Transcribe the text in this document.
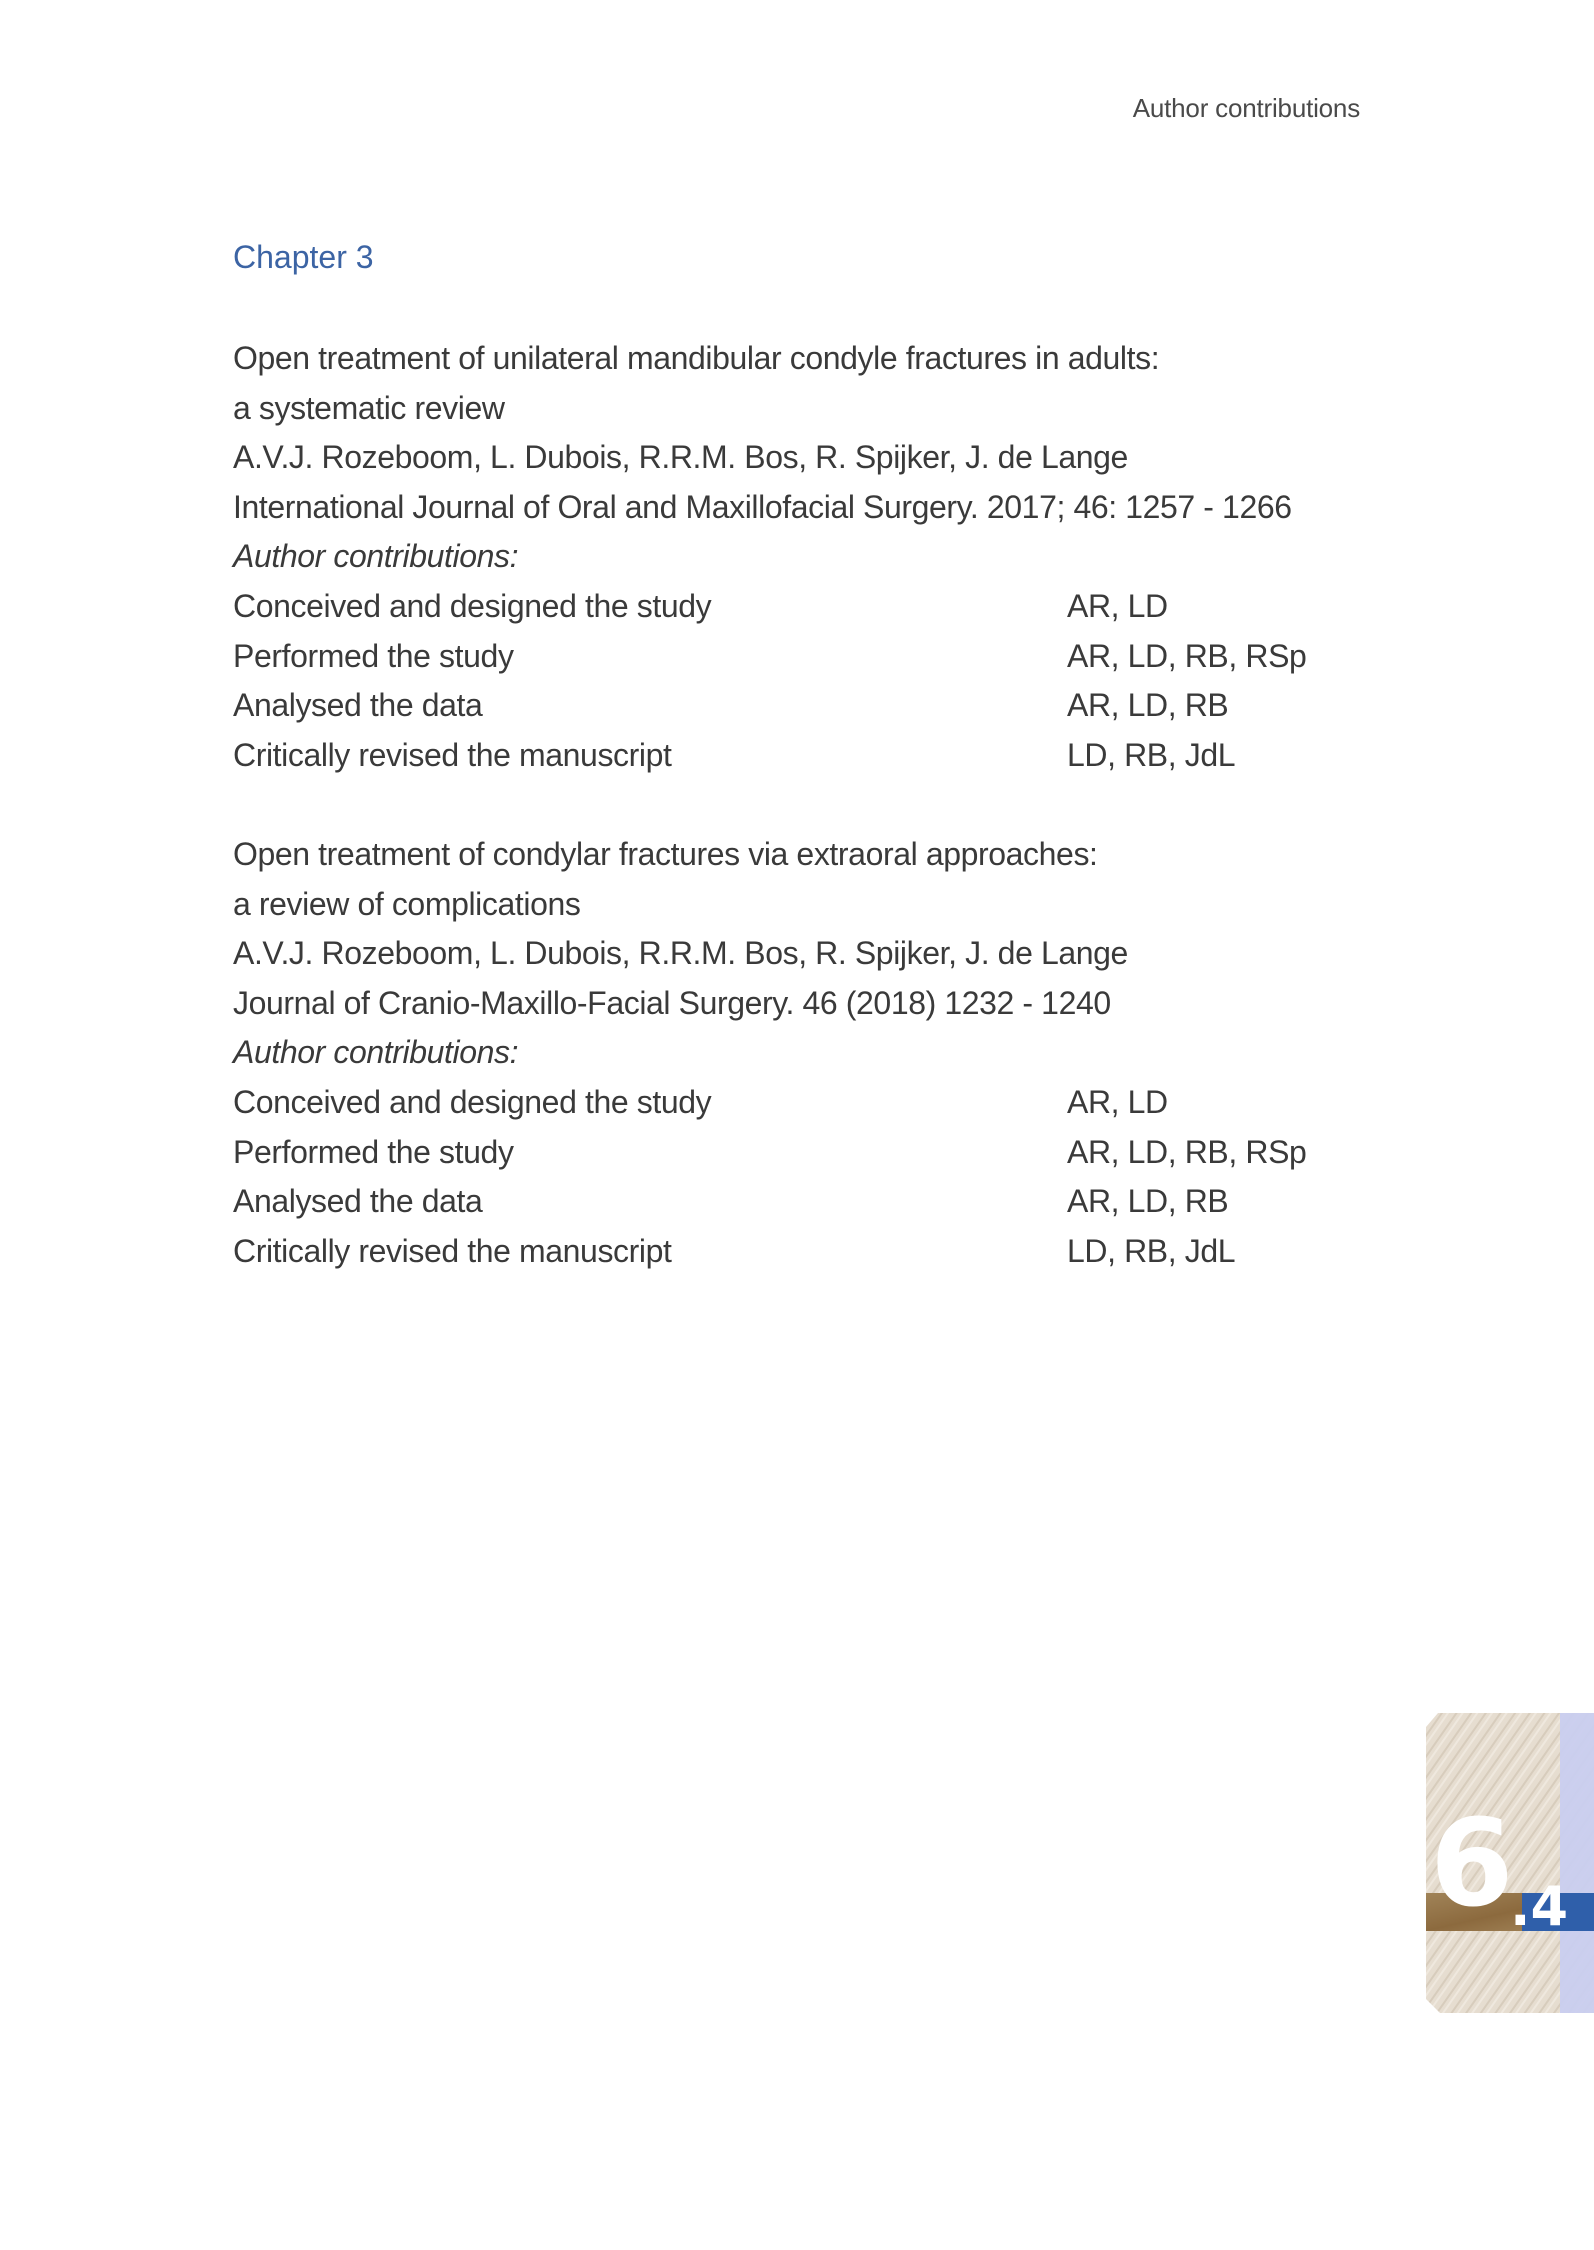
Author contributions
Chapter 3
Open treatment of unilateral mandibular condyle fractures in adults:
a systematic review
A.V.J. Rozeboom, L. Dubois, R.R.M. Bos, R. Spijker, J. de Lange
International Journal of Oral and Maxillofacial Surgery. 2017; 46: 1257 - 1266
Author contributions:
Conceived and designed the study	AR, LD
Performed the study	AR, LD, RB, RSp
Analysed the data	AR, LD, RB
Critically revised the manuscript	LD, RB, JdL
Open treatment of condylar fractures via extraoral approaches:
a review of complications
A.V.J. Rozeboom, L. Dubois, R.R.M. Bos, R. Spijker, J. de Lange
Journal of Cranio-Maxillo-Facial Surgery. 46 (2018) 1232 - 1240
Author contributions:
Conceived and designed the study	AR, LD
Performed the study	AR, LD, RB, RSp
Analysed the data	AR, LD, RB
Critically revised the manuscript	LD, RB, JdL
6
.4
